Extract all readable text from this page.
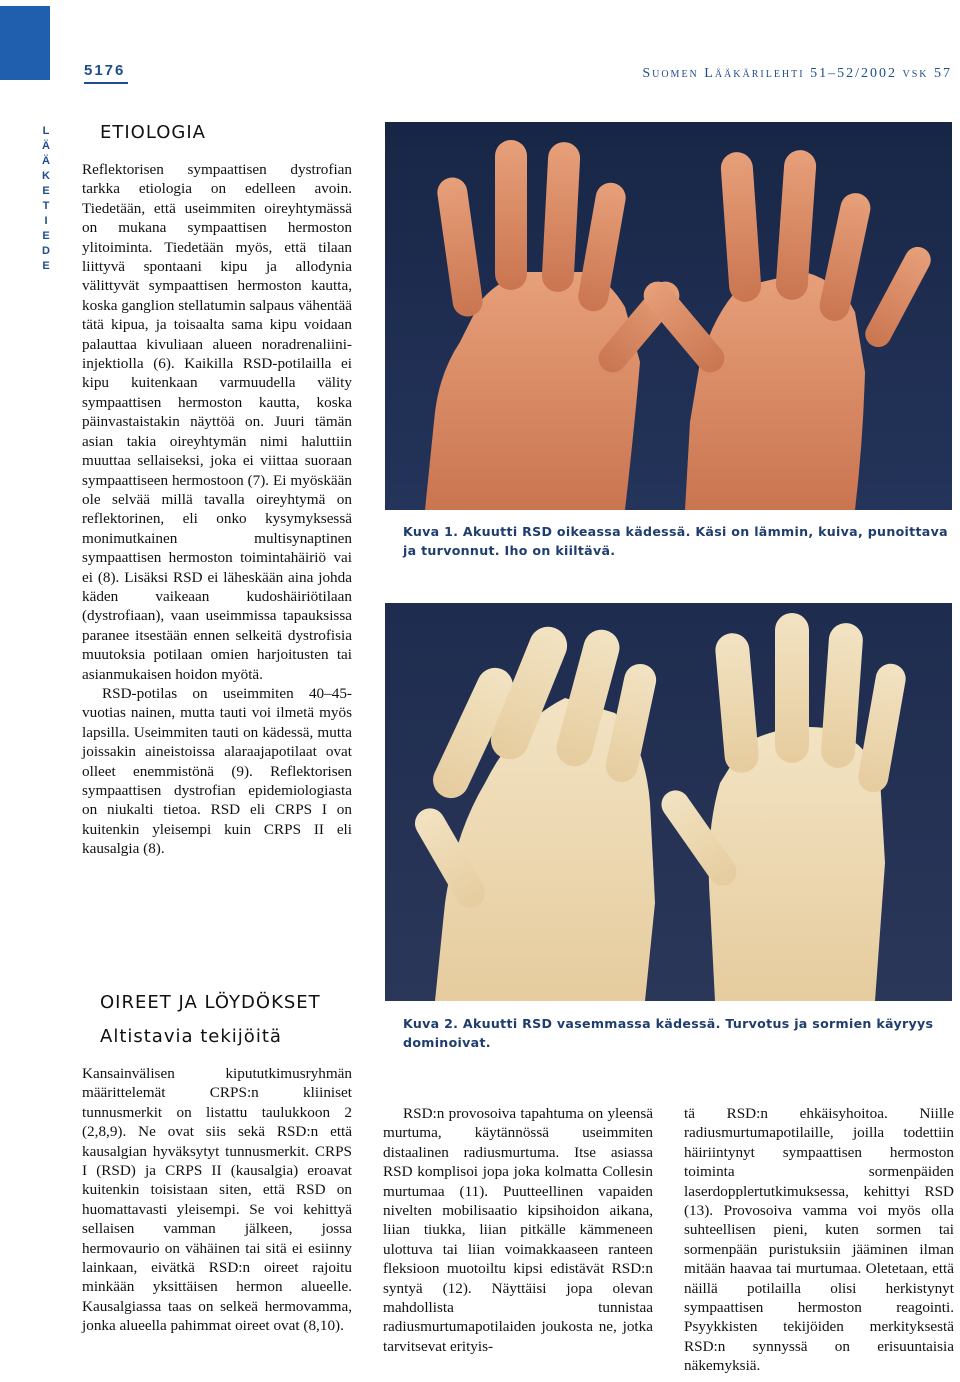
5176	Suomen Lääkärilehti 51–52/2002 vsk 57
L
Ä
Ä
K
E
T
I
E
D
E
ETIOLOGIA

Reflektorisen sympaattisen dystrofian tarkka etiologia on edelleen avoin. Tiedetään, että useimmiten oireyhtymässä on mukana sympaattisen hermoston ylitoiminta. Tiedetään myös, että tilaan liittyvä spontaani kipu ja allodynia välittyvät sympaattisen hermoston kautta, koska ganglion stellatumin salpaus vähentää tätä kipua, ja toisaalta sama kipu voidaan palauttaa kivuliaan alueen noradrenaliini-injektiolla (6). Kaikilla RSD-potilailla ei kipu kuitenkaan varmuudella välity sympaattisen hermoston kautta, koska päinvastaistakin näyttöä on. Juuri tämän asian takia oireyhtymän nimi haluttiin muuttaa sellaiseksi, joka ei viittaa suoraan sympaattiseen hermostoon (7). Ei myöskään ole selvää millä tavalla oireyhtymä on reflektorinen, eli onko kysymyksessä monimutkainen multisynaptinen sympaattisen hermoston toimintahäiriö vai ei (8). Lisäksi RSD ei läheskään aina johda käden vaikeaan kudoshäiriötilaan (dystrofiaan), vaan useimmissa tapauksissa paranee itsestään ennen selkeitä dystrofisia muutoksia potilaan omien harjoitusten tai asianmukaisen hoidon myötä.

RSD-potilas on useimmiten 40–45-vuotias nainen, mutta tauti voi ilmetä myös lapsilla. Useimmiten tauti on kädessä, mutta joissakin aineistoissa alaraajapotilaat ovat olleet enemmistönä (9). Reflektorisen sympaattisen dystrofian epidemiologiasta on niukalti tietoa. RSD eli CRPS I on kuitenkin yleisempi kuin CRPS II eli kausalgia (8).

OIREET JA LÖYDÖKSET
Altistavia tekijöitä

Kansainvälisen kipututkimusryhmän määrittelemät CRPS:n kliiniset tunnusmerkit on listattu taulukkoon 2 (2,8,9). Ne ovat siis sekä RSD:n että kausalgian hyväksytyt tunnusmerkit. CRPS I (RSD) ja CRPS II (kausalgia) eroavat kuitenkin toisistaan siten, että RSD on huomattavasti yleisempi. Se voi kehittyä sellaisen vamman jälkeen, jossa hermovaurio on vähäinen tai sitä ei esiinny lainkaan, eivätkä RSD:n oireet rajoitu minkään yksittäisen hermon alueelle. Kausalgiassa taas on selkeä hermovamma, jonka alueella pahimmat oireet ovat (8,10).

Kuva 1. Akuutti RSD oikeassa kädessä. Käsi on lämmin, kuiva, punoittava ja turvonnut. Iho on kiiltävä.
Kuva 2. Akuutti RSD vasemmassa kädessä. Turvotus ja sormien käyryys dominoivat.

RSD:n provosoiva tapahtuma on yleensä murtuma, käytännössä useimmiten distaalinen radiusmurtuma. Itse asiassa RSD komplisoi jopa joka kolmatta Collesin murtumaa (11). Puutteellinen vapaiden nivelten mobilisaatio kipsihoidon aikana, liian tiukka, liian pitkälle kämmeneen ulottuva tai liian voimakkaaseen ranteen fleksioon muotoiltu kipsi edistävät RSD:n syntyä (12). Näyttäisi jopa olevan mahdollista tunnistaa radiusmurtumapotilaiden joukosta ne, jotka tarvitsevat erityis-

tä RSD:n ehkäisyhoitoa. Niille radiusmurtumapotilaille, joilla todettiin häiriintynyt sympaattisen hermoston toiminta sormenpäiden laserdopplertutkimuksessa, kehittyi RSD (13). Provosoiva vamma voi myös olla suhteellisen pieni, kuten sormen tai sormenpään puristuksiin jääminen ilman mitään haavaa tai murtumaa. Oletetaan, että näillä potilailla olisi herkistynyt sympaattisen hermoston reagointi. Psyykkisten tekijöiden merkityksestä RSD:n synnyssä on erisuuntaisia näkemyksiä.
